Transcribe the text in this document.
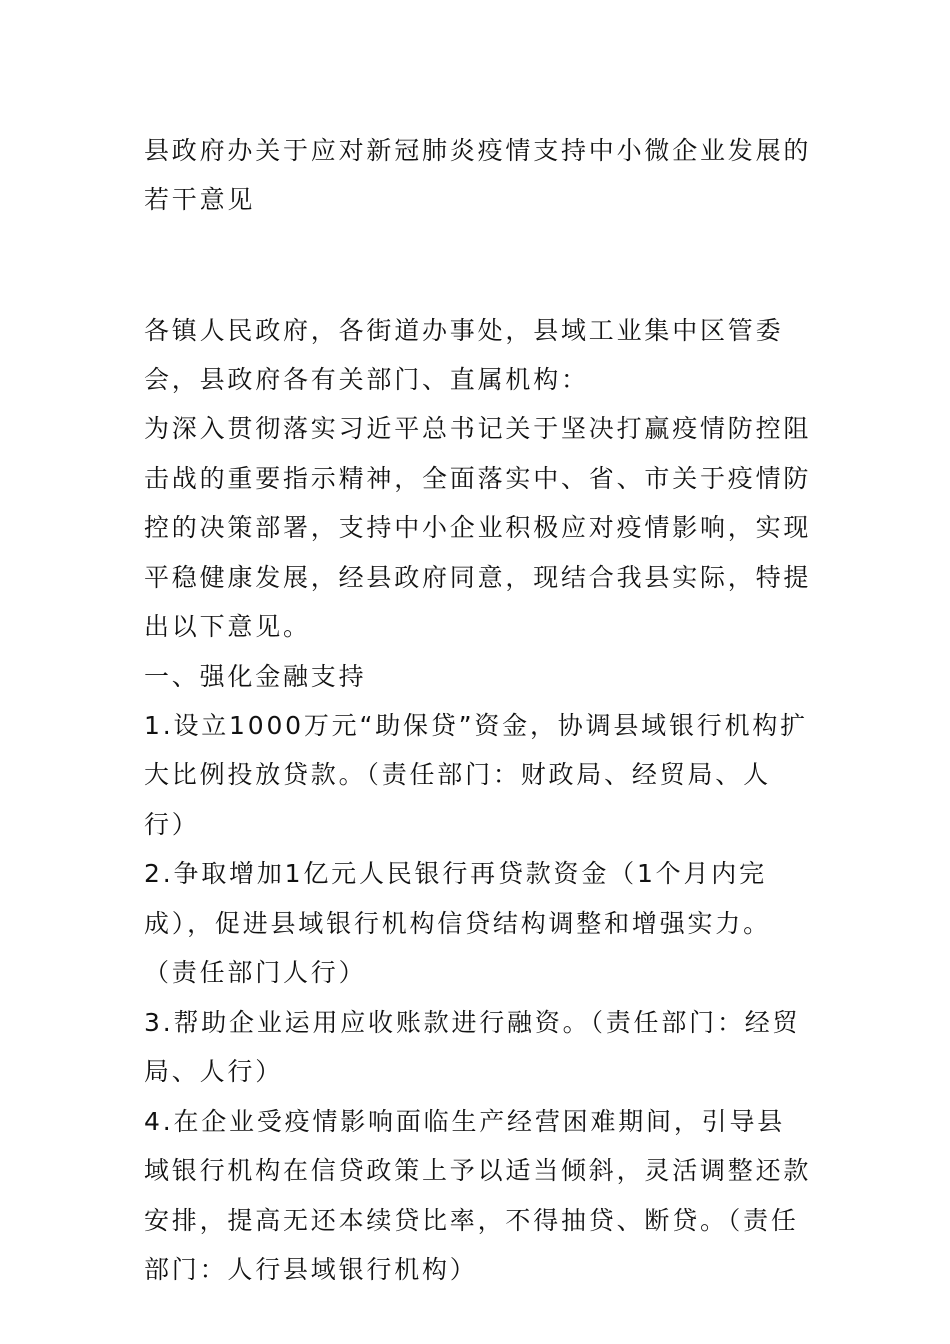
县政府办关于应对新冠肺炎疫情支持中小微企业发展的若干意见

各镇人民政府，各街道办事处，县域工业集中区管委会，县政府各有关部门、直属机构：

为深入贯彻落实习近平总书记关于坚决打赢疫情防控阻击战的重要指示精神，全面落实中、省、市关于疫情防控的决策部署，支持中小企业积极应对疫情影响，实现平稳健康发展，经县政府同意，现结合我县实际，特提出以下意见。

一、强化金融支持

1.设立1000万元“助保贷”资金，协调县域银行机构扩大比例投放贷款。（责任部门：财政局、经贸局、人行）

2.争取增加1亿元人民银行再贷款资金（1个月内完成），促进县域银行机构信贷结构调整和增强实力。（责任部门人行）

3.帮助企业运用应收账款进行融资。（责任部门：经贸局、人行）

4.在企业受疫情影响面临生产经营困难期间，引导县域银行机构在信贷政策上予以适当倾斜，灵活调整还款安排，提高无还本续贷比率，不得抽贷、断贷。（责任部门：人行县域银行机构）
